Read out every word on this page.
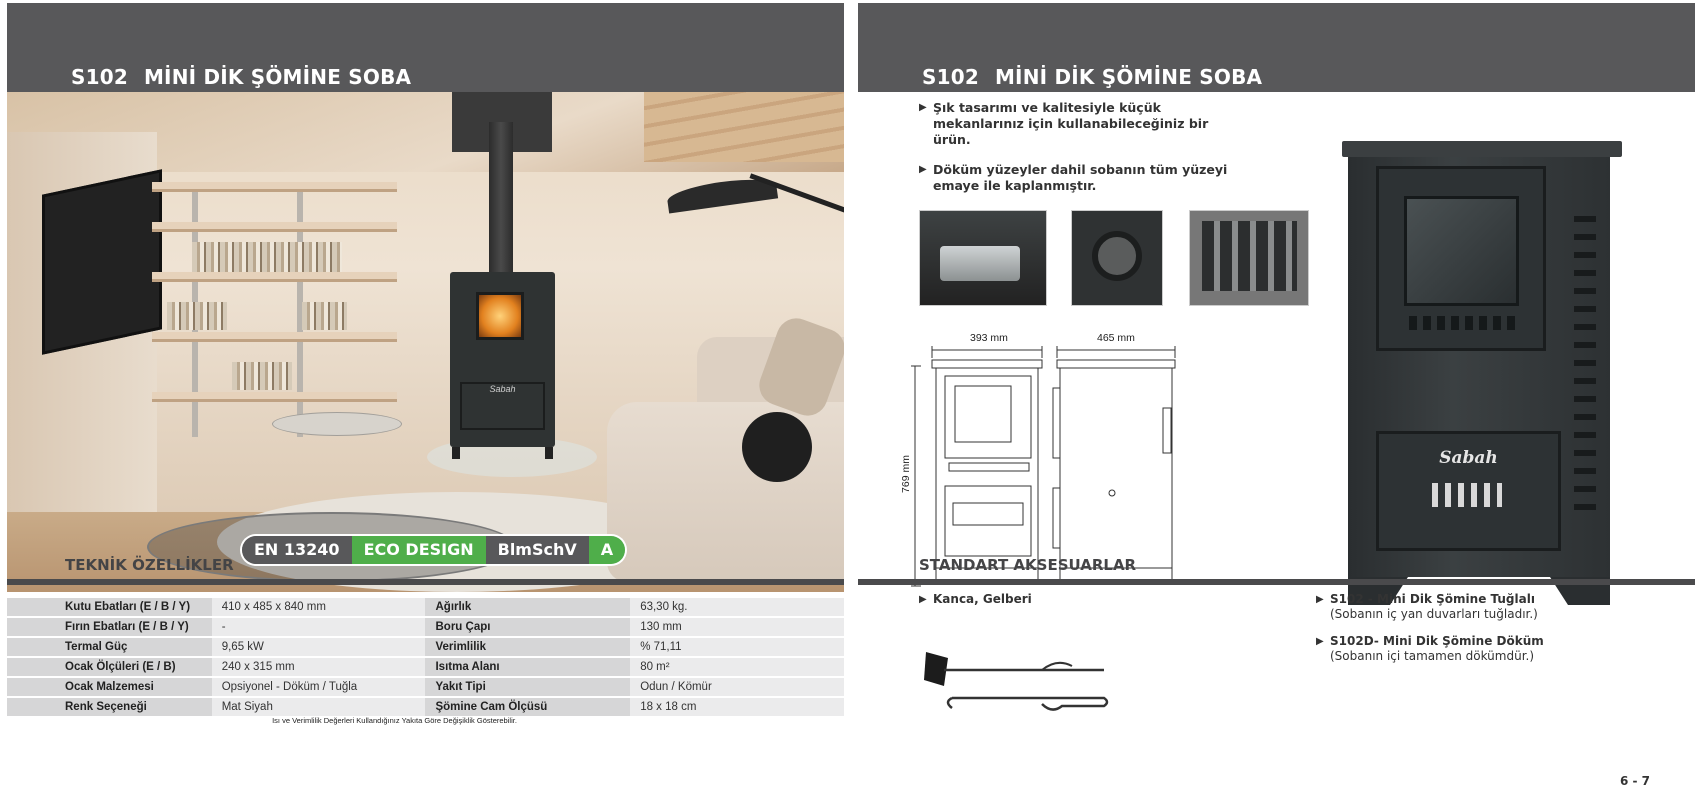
S102 MİNİ DİK ŞÖMİNE SOBA
Sabah
EN 13240	ECO DESIGN	BlmSchV	A
TEKNİK ÖZELLİKLER
Kutu Ebatları (E / B / Y)	410 x 485 x 840 mm	Ağırlık	63,30 kg.
Fırın Ebatları (E / B / Y)	-	Boru Çapı	130 mm
Termal Güç	9,65 kW	Verimlilik	% 71,11
Ocak Ölçüleri (E / B)	240 x 315 mm	Isıtma Alanı	80 m²
Ocak Malzemesi	Opsiyonel - Döküm / Tuğla	Yakıt Tipi	Odun / Kömür
Renk Seçeneği	Mat Siyah	Şömine Cam Ölçüsü	18 x 18 cm
Isı ve Verimlilik Değerleri Kullandığınız Yakıta Göre Değişiklik Gösterebilir.
S102 MİNİ DİK ŞÖMİNE SOBA
▶ Şık tasarımı ve kalitesiyle küçük mekanlarınız için kullanabileceğiniz bir ürün.
▶ Döküm yüzeyler dahil sobanın tüm yüzeyi emaye ile kaplanmıştır.
393 mm	465 mm
769 mm	Sabah
STANDART AKSESUARLAR
▶ Kanca, Gelberi	▶ S102 - Mini Dik Şömine Tuğlalı
(Sobanın iç yan duvarları tuğladır.)
▶ S102D- Mini Dik Şömine Döküm
(Sobanın içi tamamen dökümdür.)
6 - 7
